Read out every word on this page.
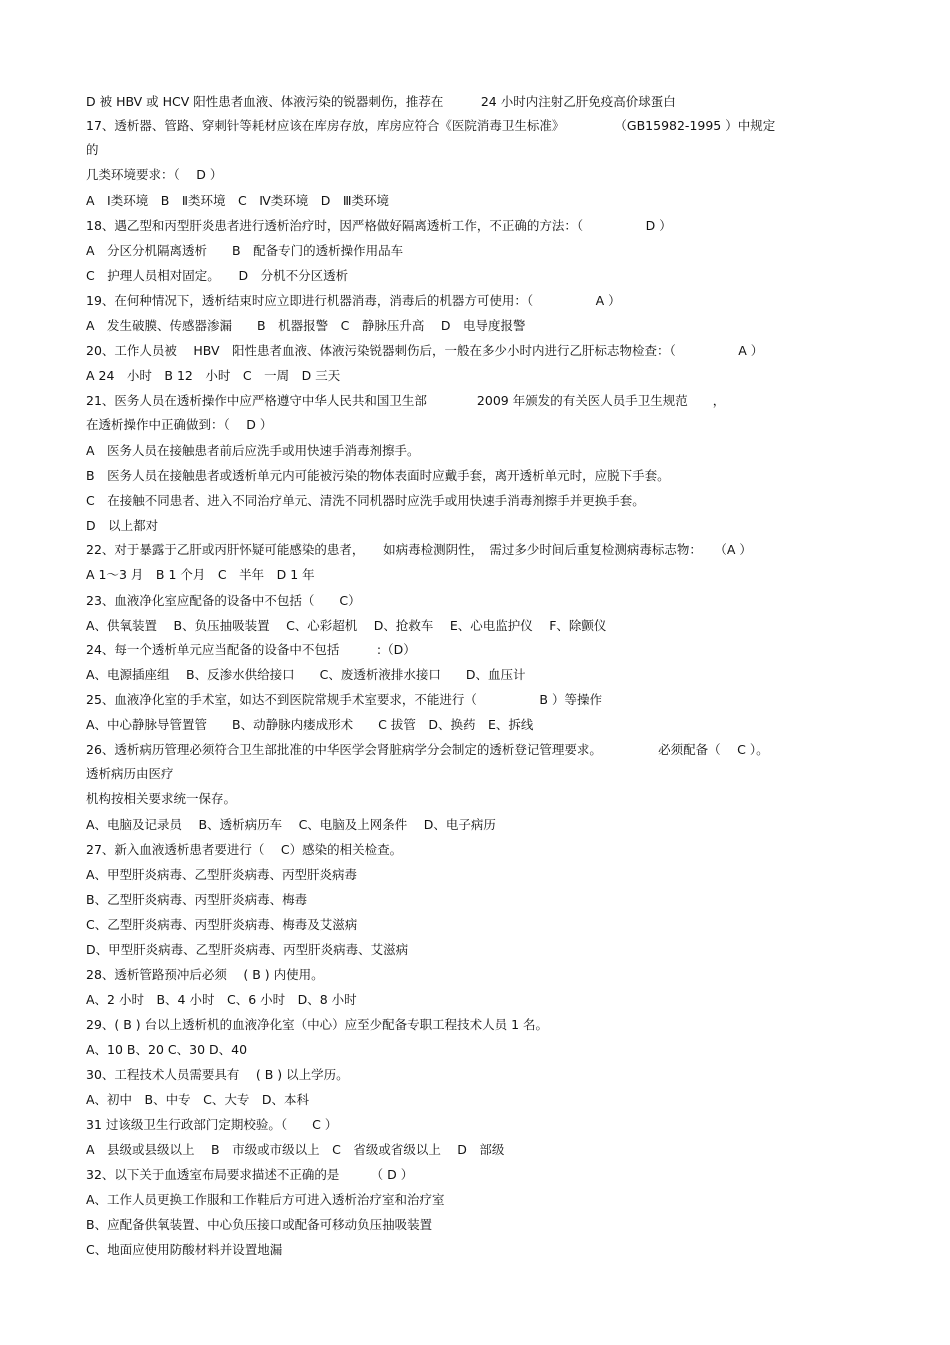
D 被 HBV 或 HCV 阳性患者血液、体液污染的锐器刺伤，推荐在　　　24 小时内注射乙肝免疫高价球蛋白
17、透析器、管路、穿刺针等耗材应该在库房存放，库房应符合《医院消毒卫生标准》　　　　　（GB15982-1995 ）中规定
的
几类环境要求：（　 D ）
A　Ⅰ类环境　B　Ⅱ类环境　C　Ⅳ类环境　D　Ⅲ类环境
18、遇乙型和丙型肝炎患者进行透析治疗时，因严格做好隔离透析工作，不正确的方法：（　　　　　D ）
A　分区分机隔离透析　　B　配备专门的透析操作用品车
C　护理人员相对固定。　　D　分机不分区透析
19、在何种情况下，透析结束时应立即进行机器消毒，消毒后的机器方可使用：（　　　　　A ）
A　发生破膜、传感器渗漏　　B　机器报警　C　静脉压升高　 D　电导度报警
20、工作人员被　 HBV　阳性患者血液、体液污染锐器刺伤后，一般在多少小时内进行乙肝标志物检查：（　　　　　A ）
A 24　小时　B 12　小时　C　一周　D 三天
21、医务人员在透析操作中应严格遵守中华人民共和国卫生部　　　　2009 年颁发的有关医人员手卫生规范　　，
在透析操作中正确做到：（　 D ）
A　医务人员在接触患者前后应洗手或用快速手消毒剂擦手。
B　医务人员在接触患者或透析单元内可能被污染的物体表面时应戴手套，离开透析单元时，应脱下手套。
C　在接触不同患者、进入不同治疗单元、清洗不同机器时应洗手或用快速手消毒剂擦手并更换手套。
D　以上都对
22、对于暴露于乙肝或丙肝怀疑可能感染的患者，　　如病毒检测阴性，　需过多少时间后重复检测病毒标志物：　　（A ）
A 1～3 月　B 1 个月　C　半年　D 1 年
23、血液净化室应配备的设备中不包括（　　C）
A、供氧装置　 B、负压抽吸装置　 C、心彩超机　 D、抢救车　 E、心电监护仪　 F、除颤仪
24、每一个透析单元应当配备的设备中不包括　　　:（D）
A、电源插座组　 B、反渗水供给接口　　C、废透析液排水接口　　D、血压计
25、血液净化室的手术室，如达不到医院常规手术室要求，不能进行（　　　　　B ）等操作
A、中心静脉导管置管　　B、动静脉内瘘成形术　　C 拔管　D、换药　E、拆线
26、透析病历管理必须符合卫生部批准的中华医学会肾脏病学分会制定的透析登记管理要求。　　　　　必须配备（　 C ）。
透析病历由医疗
机构按相关要求统一保存。
A、电脑及记录员　 B、透析病历车　 C、电脑及上网条件　 D、电子病历
27、新入血液透析患者要进行（　 C）感染的相关检查。
A、甲型肝炎病毒、乙型肝炎病毒、丙型肝炎病毒
B、乙型肝炎病毒、丙型肝炎病毒、梅毒
C、乙型肝炎病毒、丙型肝炎病毒、梅毒及艾滋病
D、甲型肝炎病毒、乙型肝炎病毒、丙型肝炎病毒、艾滋病
28、透析管路预冲后必须　 ( B ) 内使用。
A、2 小时　B、4 小时　C、6 小时　D、8 小时
29、( B ) 台以上透析机的血液净化室（中心）应至少配备专职工程技术人员 1 名。
A、10 B、20 C、30 D、40
30、工程技术人员需要具有　 ( B ) 以上学历。
A、初中　B、中专　C、大专　D、本科
31 过该级卫生行政部门定期校验。（　　C ）
A　县级或县级以上　 B　市级或市级以上　C　省级或省级以上　 D　部级
32、以下关于血透室布局要求描述不正确的是　　　（ D ）
A、工作人员更换工作服和工作鞋后方可进入透析治疗室和治疗室
B、应配备供氧装置、中心负压接口或配备可移动负压抽吸装置
C、地面应使用防酸材料并设置地漏
